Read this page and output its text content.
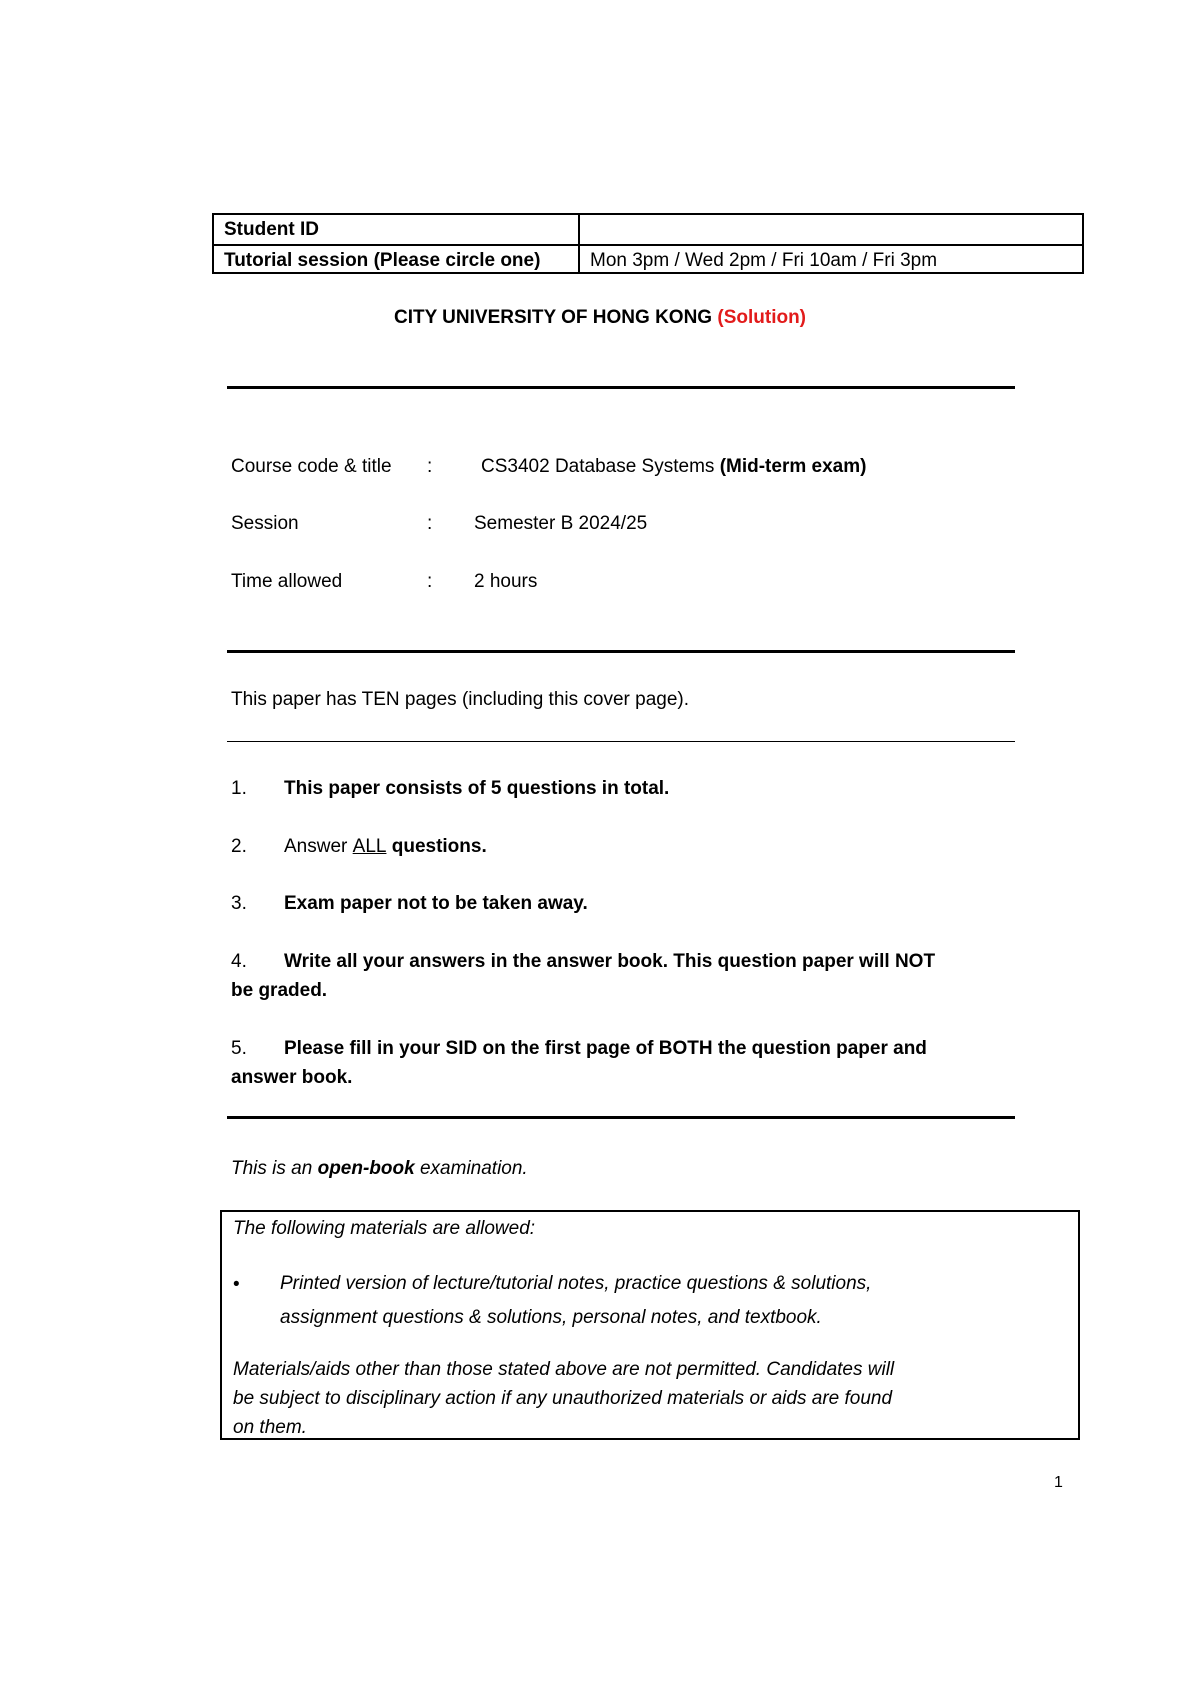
Student ID
Tutorial session (Please circle one)	Mon 3pm / Wed 2pm / Fri 10am / Fri 3pm
CITY UNIVERSITY OF HONG KONG (Solution)
Course code & title :	CS3402 Database Systems (Mid-term exam)
Session	: Semester B 2024/25
Time allowed	: 2 hours
This paper has TEN pages (including this cover page).
1. This paper consists of 5 questions in total.
2. Answer ALL questions.
3. Exam paper not to be taken away.
4. Write all your answers in the answer book. This question paper will NOT
be graded.
5. Please fill in your SID on the first page of BOTH the question paper and
answer book.
This is an open-book examination.
The following materials are allowed:
• Printed version of lecture/tutorial notes, practice questions & solutions,
assignment questions & solutions, personal notes, and textbook.
Materials/aids other than those stated above are not permitted. Candidates will
be subject to disciplinary action if any unauthorized materials or aids are found
on them.
1
